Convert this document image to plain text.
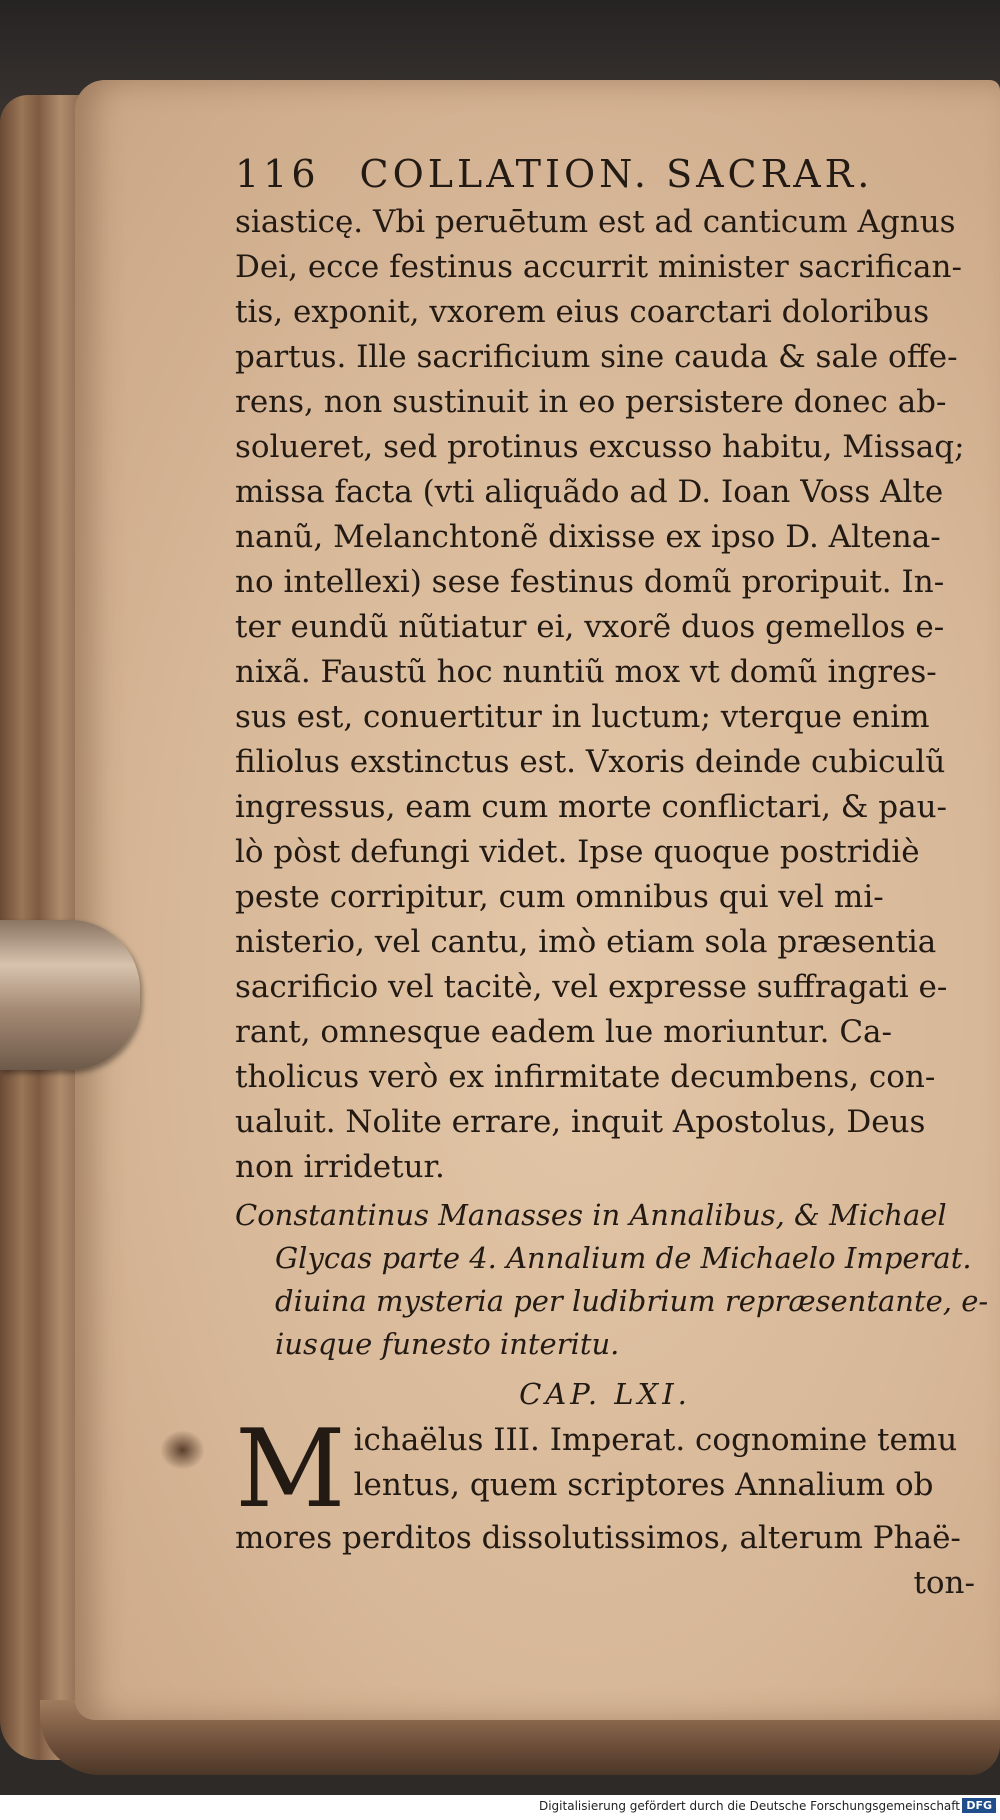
116 COLLATION. SACRAR.
siasticę. Vbi peruētum est ad canticum Agnus
Dei, ecce festinus accurrit minister sacrifican-
tis, exponit, vxorem eius coarctari doloribus
partus. Ille sacrificium sine cauda & sale offe-
rens, non sustinuit in eo persistere donec ab-
solueret, sed protinus excusso habitu, Missaq;
missa facta (vti aliquãdo ad D. Ioan Voss Alte
nanũ, Melanchtonẽ dixisse ex ipso D. Altena-
no intellexi) sese festinus domũ proripuit. In-
ter eundũ nũtiatur ei, vxorẽ duos gemellos e-
nixã. Faustũ hoc nuntiũ mox vt domũ ingres-
sus est, conuertitur in luctum; vterque enim
filiolus exstinctus est. Vxoris deinde cubiculũ
ingressus, eam cum morte conflictari, & pau-
lò pòst defungi videt. Ipse quoque postridiè
peste corripitur, cum omnibus qui vel mi-
nisterio, vel cantu, imò etiam sola præsentia
sacrificio vel tacitè, vel expresse suffragati e-
rant, omnesque eadem lue moriuntur. Ca-
tholicus verò ex infirmitate decumbens, con-
ualuit. Nolite errare, inquit Apostolus, Deus
non irridetur.
Constantinus Manasses in Annalibus, & Michael
Glycas parte 4. Annalium de Michaelo Imperat.
diuina mysteria per ludibrium repræsentante, e-
iusque funesto interitu.
CAP. LXI.
M ichaëlus III. Imperat. cognomine temu
lentus, quem scriptores Annalium ob
mores perditos dissolutissimos, alterum Phaë-
ton-
Digitalisierung gefördert durch die Deutsche Forschungsgemeinschaft DFG
